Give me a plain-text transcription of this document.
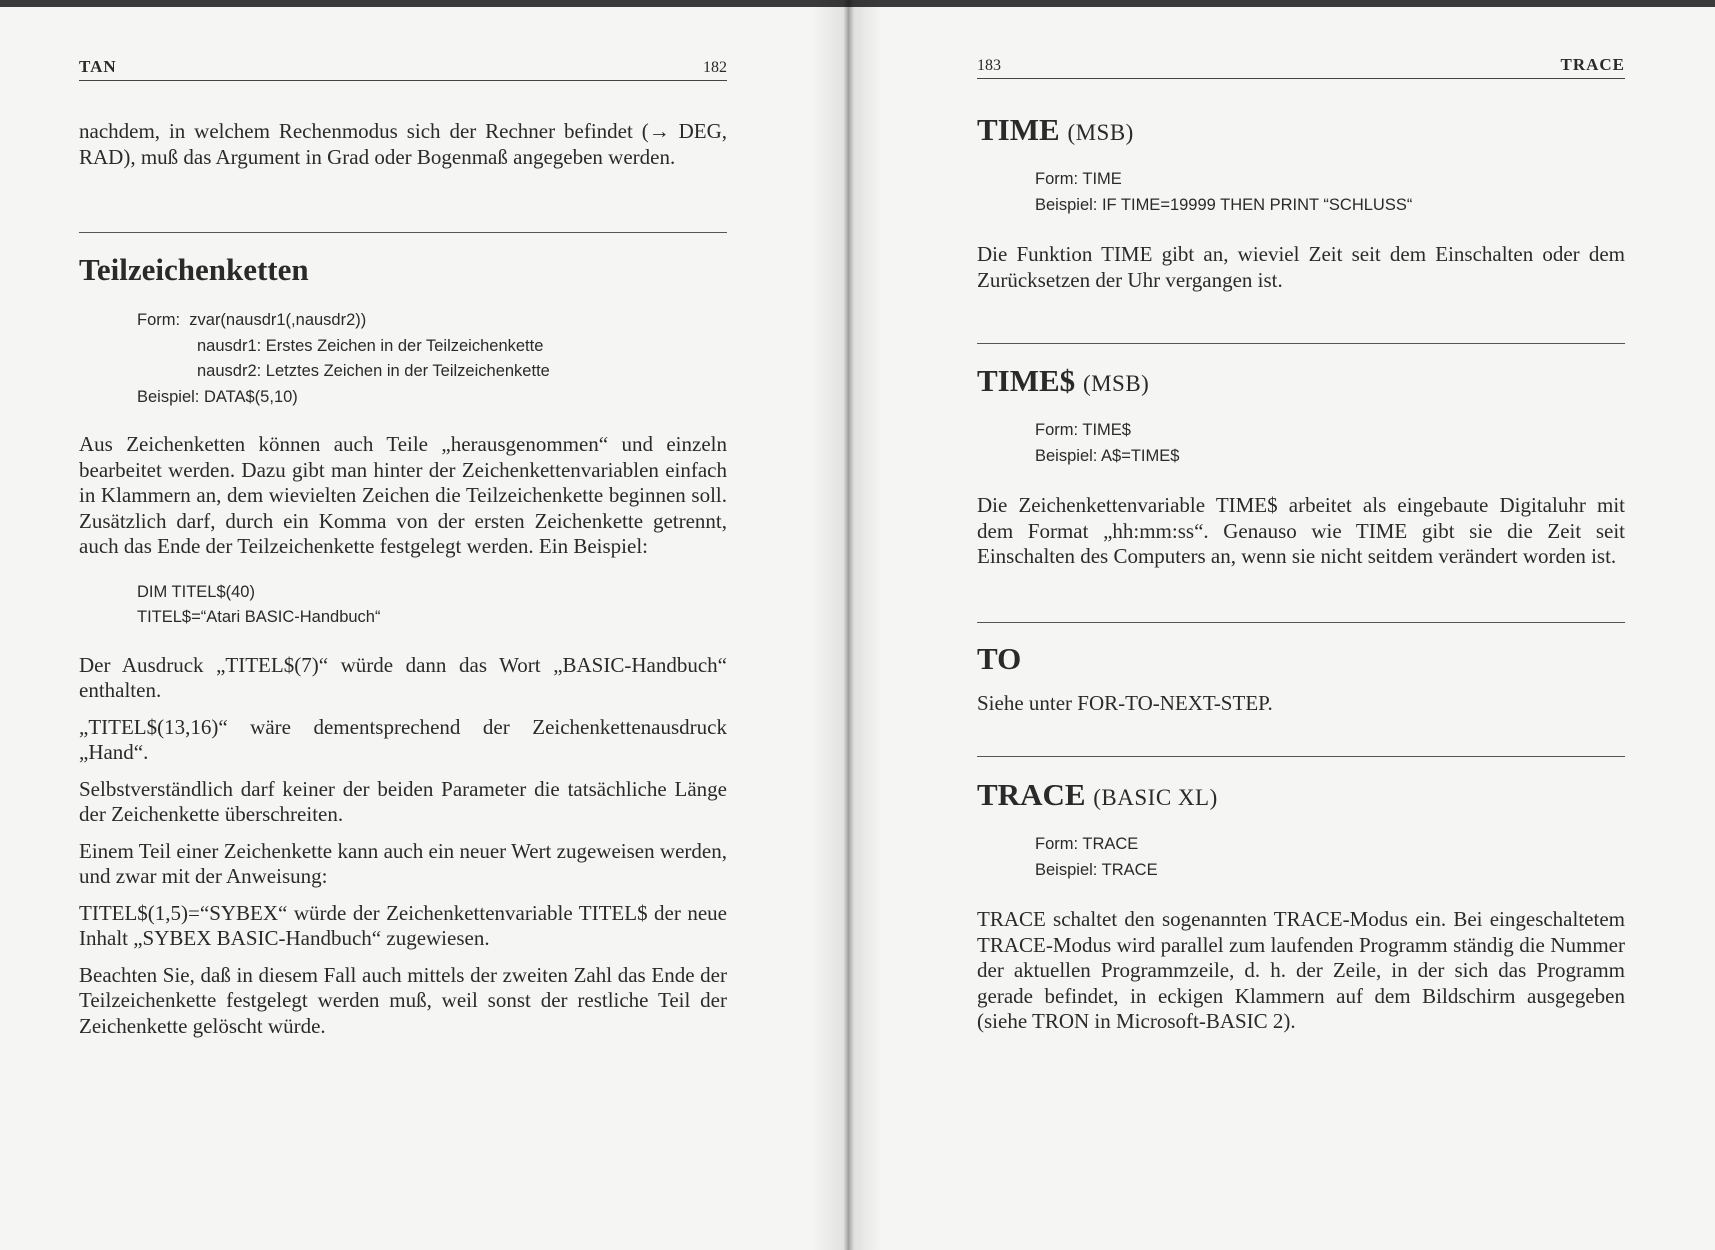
TAN	182

nachdem, in welchem Rechenmodus sich der Rechner befindet (→ DEG, RAD), muß das Argument in Grad oder Bogenmaß angegeben werden.

Teilzeichenketten
Form: zvar(nausdr1(,nausdr2))
nausdr1: Erstes Zeichen in der Teilzeichenkette
nausdr2: Letztes Zeichen in der Teilzeichenkette
Beispiel: DATA$(5,10)

Aus Zeichenketten können auch Teile „herausgenommen“ und einzeln bearbeitet werden. Dazu gibt man hinter der Zeichenkettenvariablen einfach in Klammern an, dem wievielten Zeichen die Teilzeichenkette beginnen soll. Zusätzlich darf, durch ein Komma von der ersten Zeichenkette getrennt, auch das Ende der Teilzeichenkette festgelegt werden. Ein Beispiel:

DIM TITEL$(40)
TITEL$=“Atari BASIC-Handbuch“

Der Ausdruck „TITEL$(7)“ würde dann das Wort „BASIC-Handbuch“ enthalten.

„TITEL$(13,16)“ wäre dementsprechend der Zeichenkettenausdruck „Hand“.

Selbstverständlich darf keiner der beiden Parameter die tatsächliche Länge der Zeichenkette überschreiten.

Einem Teil einer Zeichenkette kann auch ein neuer Wert zugeweisen werden, und zwar mit der Anweisung:

TITEL$(1,5)=“SYBEX“ würde der Zeichenkettenvariable TITEL$ der neue Inhalt „SYBEX BASIC-Handbuch“ zugewiesen.

Beachten Sie, daß in diesem Fall auch mittels der zweiten Zahl das Ende der Teilzeichenkette festgelegt werden muß, weil sonst der restliche Teil der Zeichenkette gelöscht würde.

183	TRACE
TIME (MSB)
Form: TIME
Beispiel: IF TIME=19999 THEN PRINT “SCHLUSS“

Die Funktion TIME gibt an, wieviel Zeit seit dem Einschalten oder dem Zurücksetzen der Uhr vergangen ist.

TIME$ (MSB)
Form: TIME$
Beispiel: A$=TIME$

Die Zeichenkettenvariable TIME$ arbeitet als eingebaute Digitaluhr mit dem Format „hh:mm:ss“. Genauso wie TIME gibt sie die Zeit seit Einschalten des Computers an, wenn sie nicht seitdem verändert worden ist.

TO

Siehe unter FOR-TO-NEXT-STEP.

TRACE (BASIC XL)
Form: TRACE
Beispiel: TRACE

TRACE schaltet den sogenannten TRACE-Modus ein. Bei eingeschaltetem TRACE-Modus wird parallel zum laufenden Programm ständig die Nummer der aktuellen Programmzeile, d. h. der Zeile, in der sich das Programm gerade befindet, in eckigen Klammern auf dem Bildschirm ausgegeben (siehe TRON in Microsoft-BASIC 2).
